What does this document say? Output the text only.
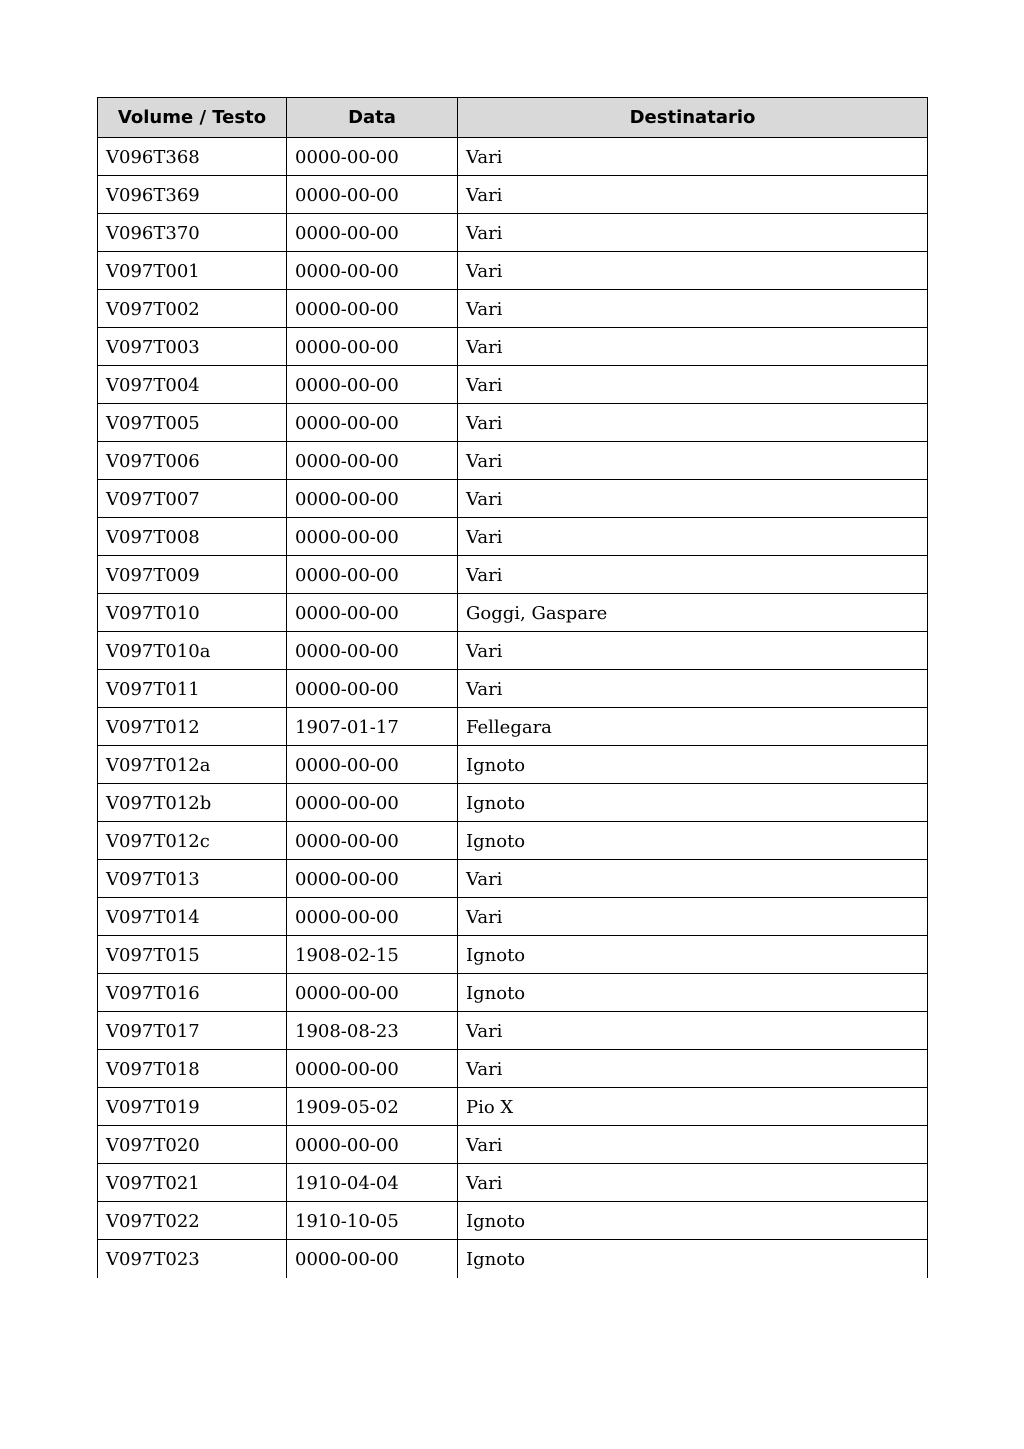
Volume / Testo	Data	Destinatario
V096T368	0000-00-00	Vari
V096T369	0000-00-00	Vari
V096T370	0000-00-00	Vari
V097T001	0000-00-00	Vari
V097T002	0000-00-00	Vari
V097T003	0000-00-00	Vari
V097T004	0000-00-00	Vari
V097T005	0000-00-00	Vari
V097T006	0000-00-00	Vari
V097T007	0000-00-00	Vari
V097T008	0000-00-00	Vari
V097T009	0000-00-00	Vari
V097T010	0000-00-00	Goggi, Gaspare
V097T010a	0000-00-00	Vari
V097T011	0000-00-00	Vari
V097T012	1907-01-17	Fellegara
V097T012a	0000-00-00	Ignoto
V097T012b	0000-00-00	Ignoto
V097T012c	0000-00-00	Ignoto
V097T013	0000-00-00	Vari
V097T014	0000-00-00	Vari
V097T015	1908-02-15	Ignoto
V097T016	0000-00-00	Ignoto
V097T017	1908-08-23	Vari
V097T018	0000-00-00	Vari
V097T019	1909-05-02	Pio X
V097T020	0000-00-00	Vari
V097T021	1910-04-04	Vari
V097T022	1910-10-05	Ignoto
V097T023	0000-00-00	Ignoto
